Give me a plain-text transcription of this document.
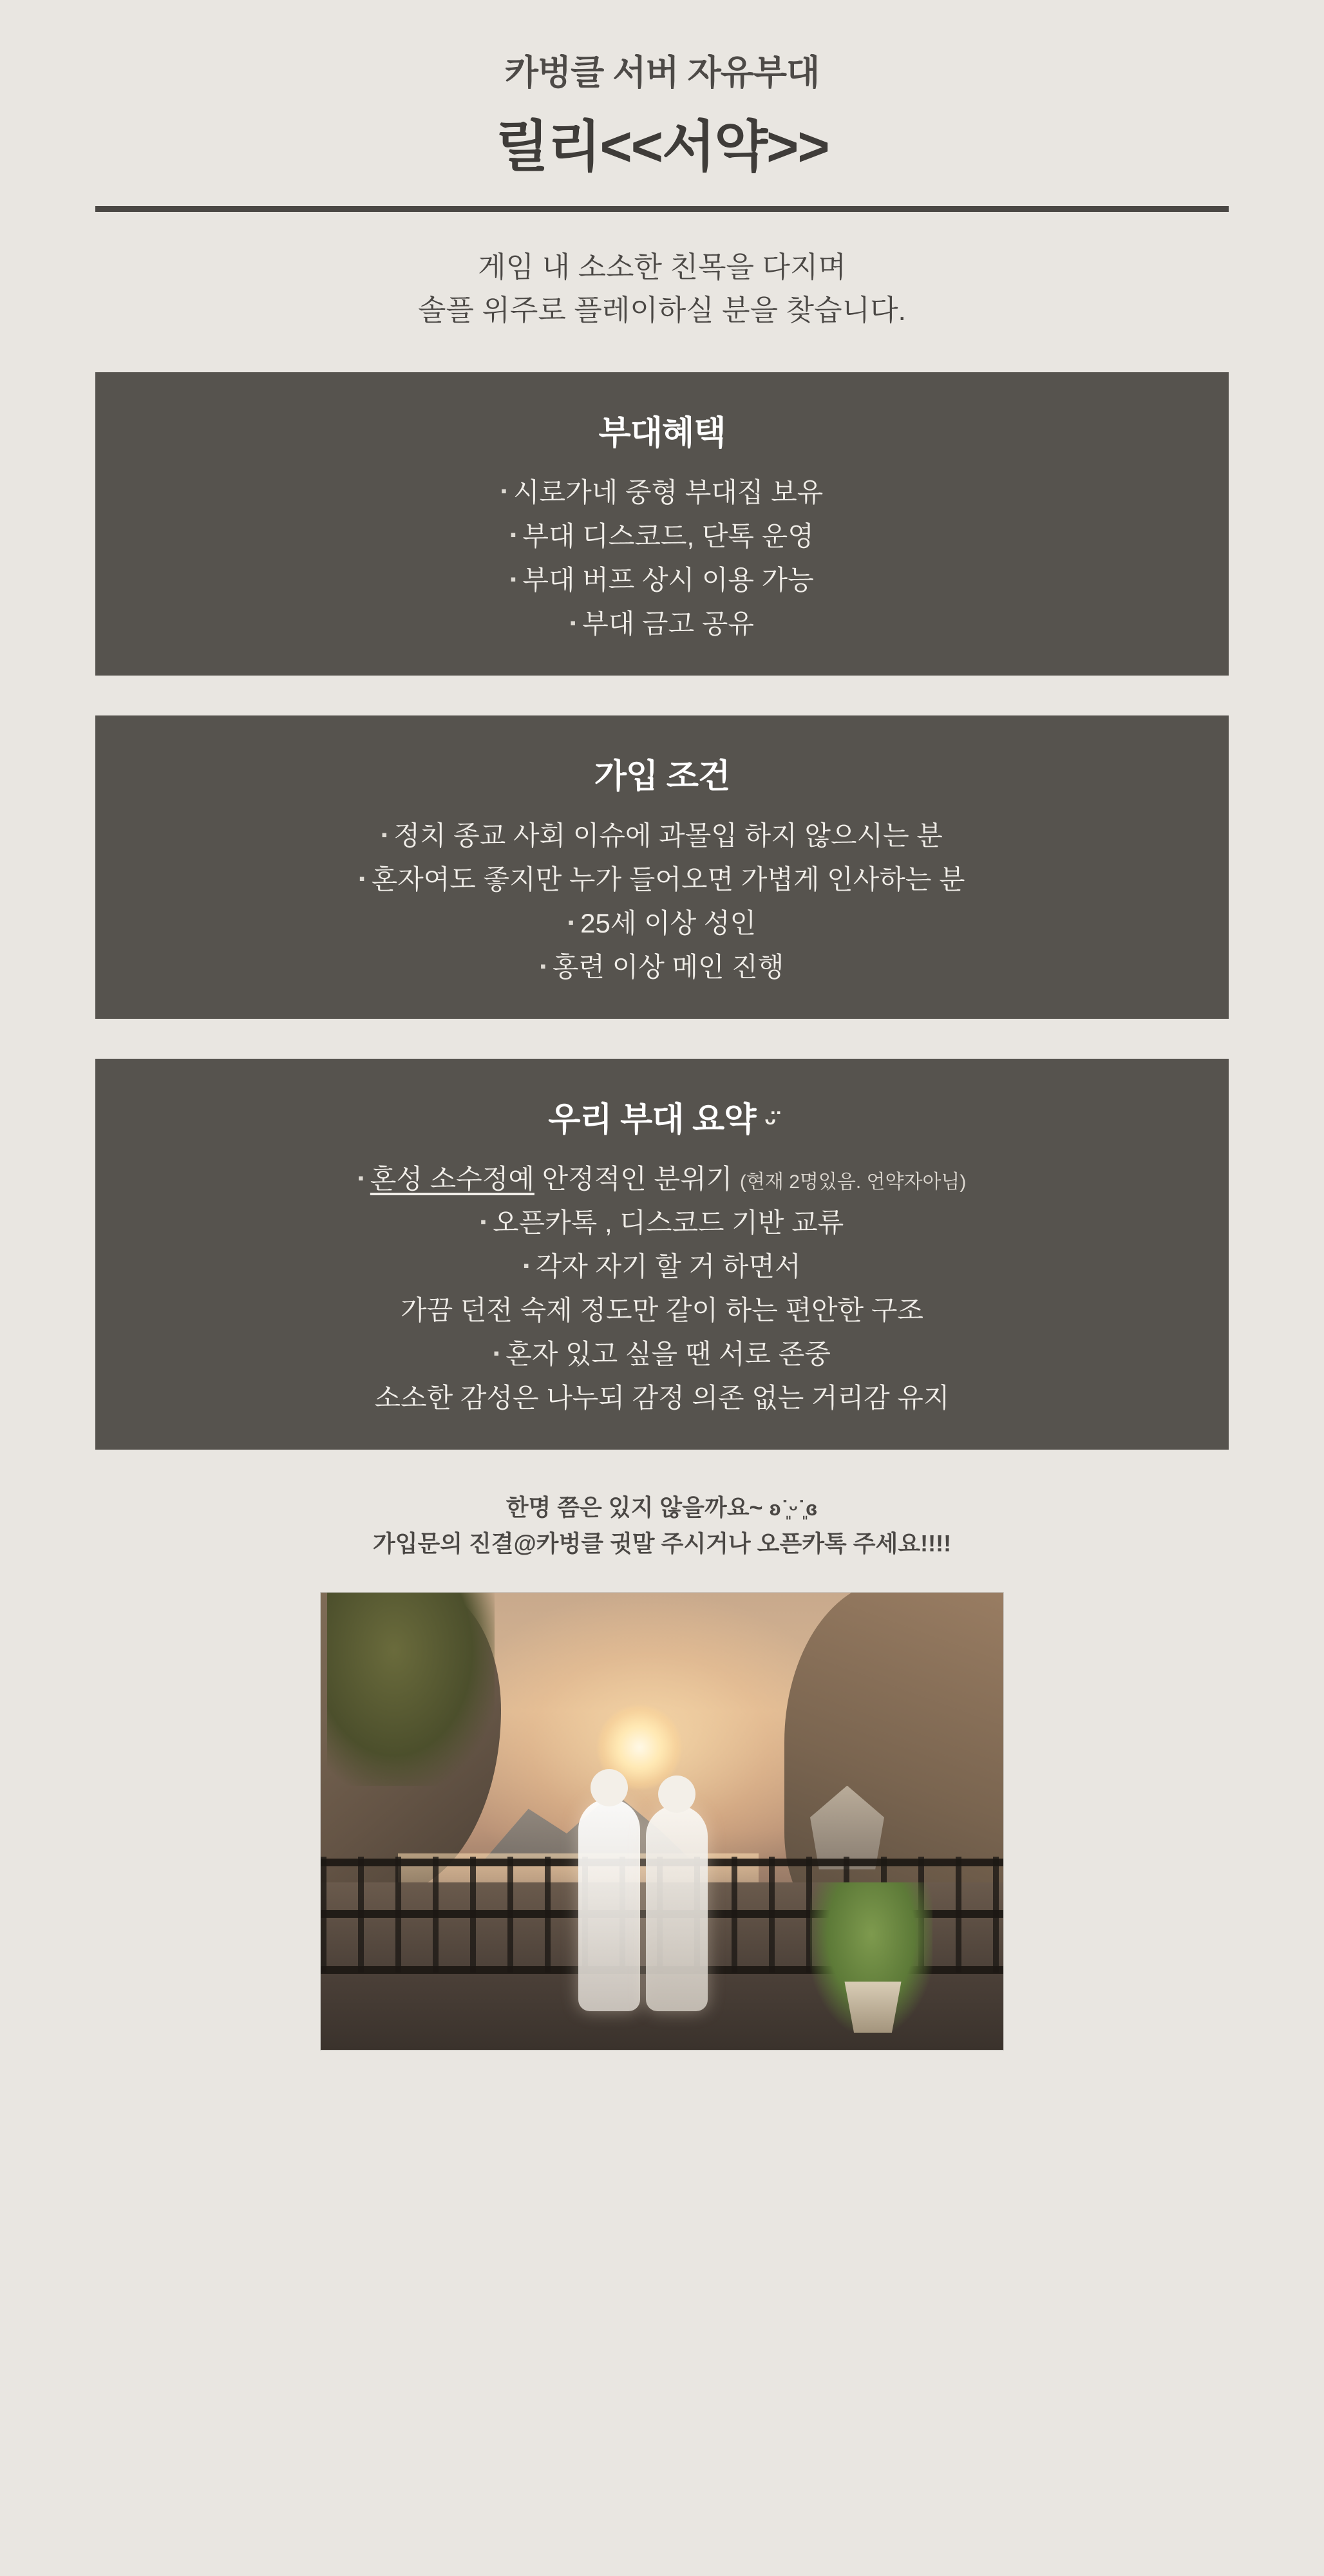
카벙클 서버 자유부대
릴리<<서약>>
게임 내 소소한 친목을 다지며
솔플 위주로 플레이하실 분을 찾습니다.
부대혜택
▪ 시로가네 중형 부대집 보유
▪ 부대 디스코드, 단톡 운영
▪ 부대 버프 상시 이용 가능
▪ 부대 금고 공유
가입 조건
▪ 정치 종교 사회 이슈에 과몰입 하지 않으시는 분
▪ 혼자여도 좋지만 누가 들어오면 가볍게 인사하는 분
▪ 25세 이상 성인
▪ 홍련 이상 메인 진행
우리 부대 요약 ᵕ̈
▪ 혼성 소수정예 안정적인 분위기 (현재 2명있음. 언약자아님)
▪ 오픈카톡 , 디스코드 기반 교류
▪ 각자 자기 할 거 하면서
가끔 던전 숙제 정도만 같이 하는 편안한 구조
▪ 혼자 있고 싶을 땐 서로 존중
소소한 감성은 나누되 감정 의존 없는 거리감 유지
한명 쯤은 있지 않을까요~ ʚ˙͈ᵕ˙͈ɞ
가입문의 진결@카벙클 귓말 주시거나 오픈카톡 주세요!!!!
